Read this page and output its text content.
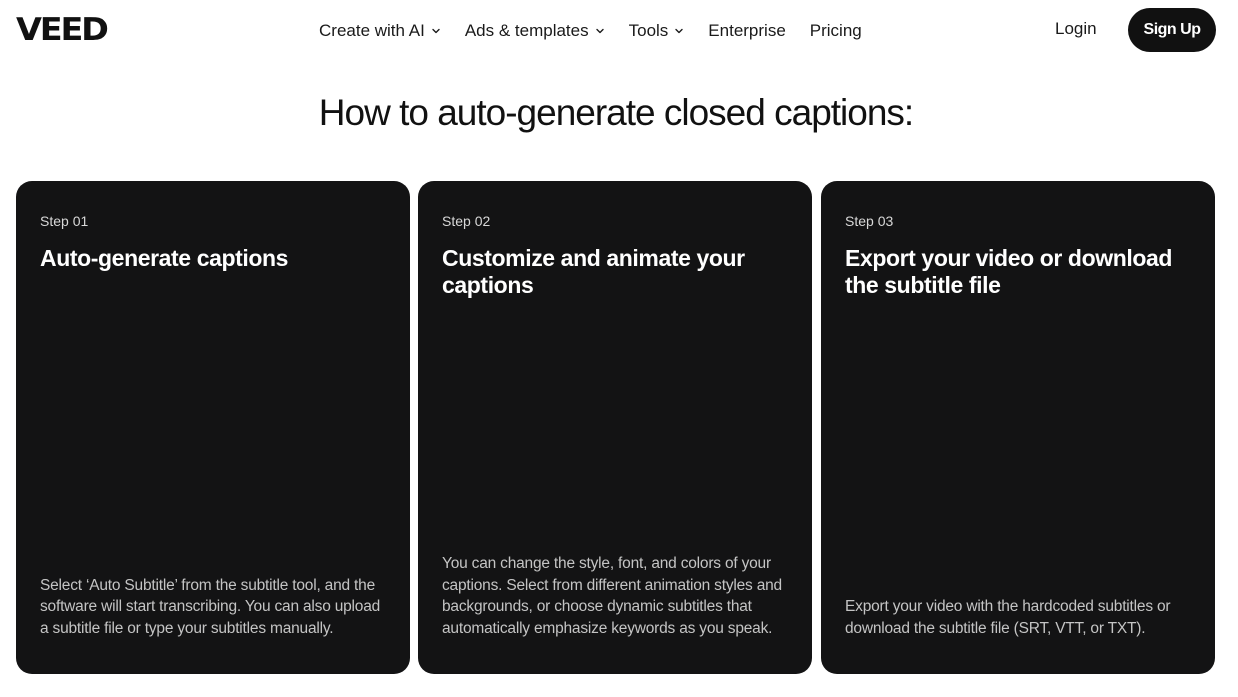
VEED	Create with AI Ads & templates Tools Enterprise Pricing	Login	Sign Up
How to auto-generate closed captions:
Step 01
Auto-generate captions

Select ‘Auto Subtitle’ from the subtitle tool, and the software will start transcribing. You can also upload a subtitle file or type your subtitles manually.

Step 02
Customize and animate your captions

You can change the style, font, and colors of your captions. Select from different animation styles and backgrounds, or choose dynamic subtitles that automatically emphasize keywords as you speak.

Step 03
Export your video or download the subtitle file

Export your video with the hardcoded subtitles or download the subtitle file (SRT, VTT, or TXT).
